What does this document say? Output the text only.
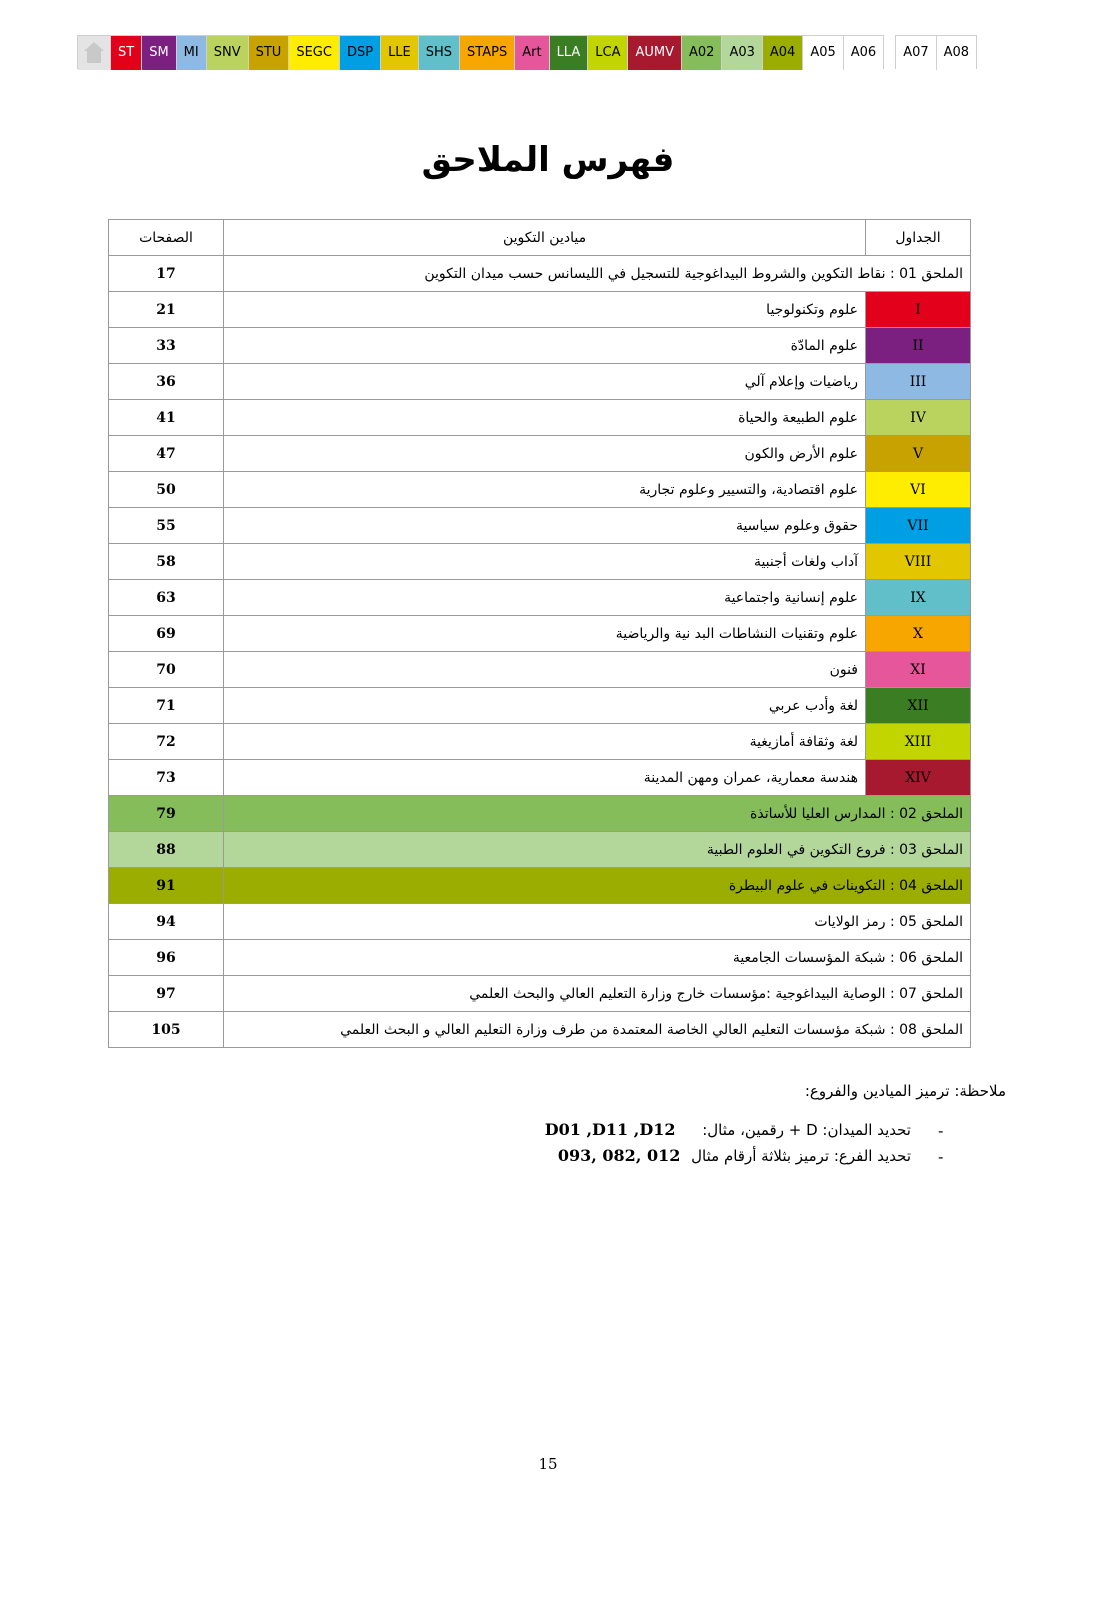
ST	SM	MI	SNV	STU	SEGC	DSP	LLE	SHS	STAPS	Art	LLA	LCA	AUMV	A02	A03	A04	A05	A06	A07	A08
فهرس الملاحق
الجداول	ميادين التكوين	الصفحات
الملحق 01 : نقاط التكوين والشروط البيداغوجية للتسجيل في الليسانس حسب ميدان التكوين		17
I	علوم وتكنولوجيا	21
II	علوم المادّة	33
III	رياضيات وإعلام آلي	36
IV	علوم الطبيعة والحياة	41
V	علوم الأرض والكون	47
VI	علوم اقتصادية، والتسيير وعلوم تجارية	50
VII	حقوق وعلوم سياسية	55
VIII	آداب ولغات أجنبية	58
IX	علوم إنسانية واجتماعية	63
X	علوم وتقنيات النشاطات البد نية والرياضية	69
XI	فنون	70
XII	لغة وأدب عربي	71
XIII	لغة وثقافة أمازيغية	72
XIV	هندسة معمارية، عمران ومهن المدينة	73
الملحق 02 : المدارس العليا للأساتذة		79
الملحق 03 : فروع التكوين في العلوم الطبية		88
الملحق 04 : التكوينات في علوم البيطرة		91
الملحق 05 : رمز الولايات		94
الملحق 06 : شبكة المؤسسات الجامعية		96
الملحق 07 : الوصاية البيداغوجية :مؤسسات خارج وزارة التعليم العالي والبحث العلمي		97
الملحق 08 : شبكة مؤسسات التعليم العالي الخاصة المعتمدة من طرف وزارة التعليم العالي و البحث العلمي		105
ملاحظة: ترميز الميادين والفروع:
تحديد الميدان: D + رقمين، مثال: D01 ,D11 ,D12	-
تحديد الفرع: ترميز بثلاثة أرقام مثال 012 ,082 ,093	-
15
